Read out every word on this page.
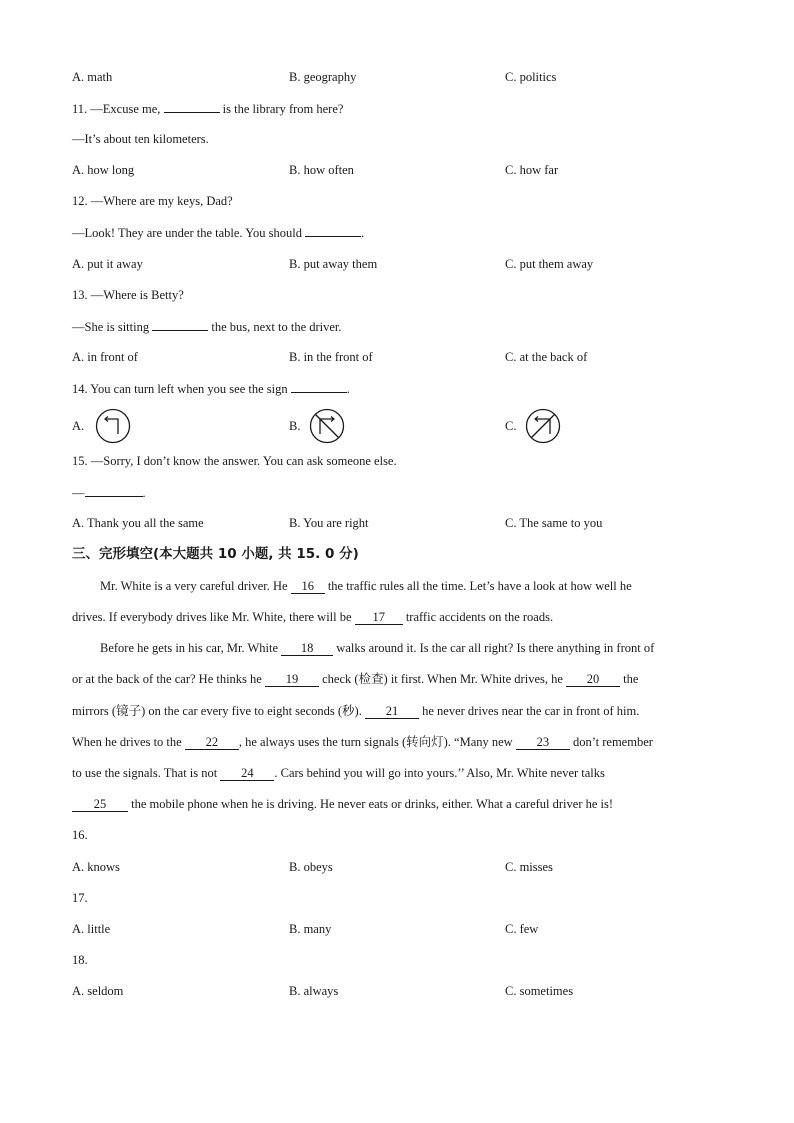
A. math	B. geography	C. politics
11. —Excuse me,	is the library from here?
—It’s about ten kilometers.
A. how long	B. how often	C. how far
12. —Where are my keys, Dad?
—Look! They are under the table. You should	.
A. put it away	B. put away them	C. put them away
13. —Where is Betty?
—She is sitting	the bus, next to the driver.
A. in front of	B. in the front of	C. at the back of
14. You can turn left when you see the sign	.
A.	B.	C.
15. —Sorry, I don’t know the answer. You can ask someone else.
—	.
A. Thank you all the same	B. You are right	C. The same to you
三、完形填空(本大题共 10 小题, 共 15. 0 分)
Mr. White is a very careful driver. He 16 the traffic rules all the time. Let’s have a look at how well he
drives. If everybody drives like Mr. White, there will be 17 traffic accidents on the roads.
Before he gets in his car, Mr. White 18 walks around it. Is the car all right? Is there anything in front of
or at the back of the car? He thinks he 19 check (检查) it first. When Mr. White drives, he 20 the
mirrors (镜子) on the car every five to eight seconds (秒). 21 he never drives near the car in front of him.
When he drives to the 22 , he always uses the turn signals (转向灯). “Many new 23 don’t remember
to use the signals. That is not 24 . Cars behind you will go into yours.’’ Also, Mr. White never talks
25 the mobile phone when he is driving. He never eats or drinks, either. What a careful driver he is!
16.
A. knows	B. obeys	C. misses
17.
A. little	B. many	C. few
18.
A. seldom	B. always	C. sometimes
